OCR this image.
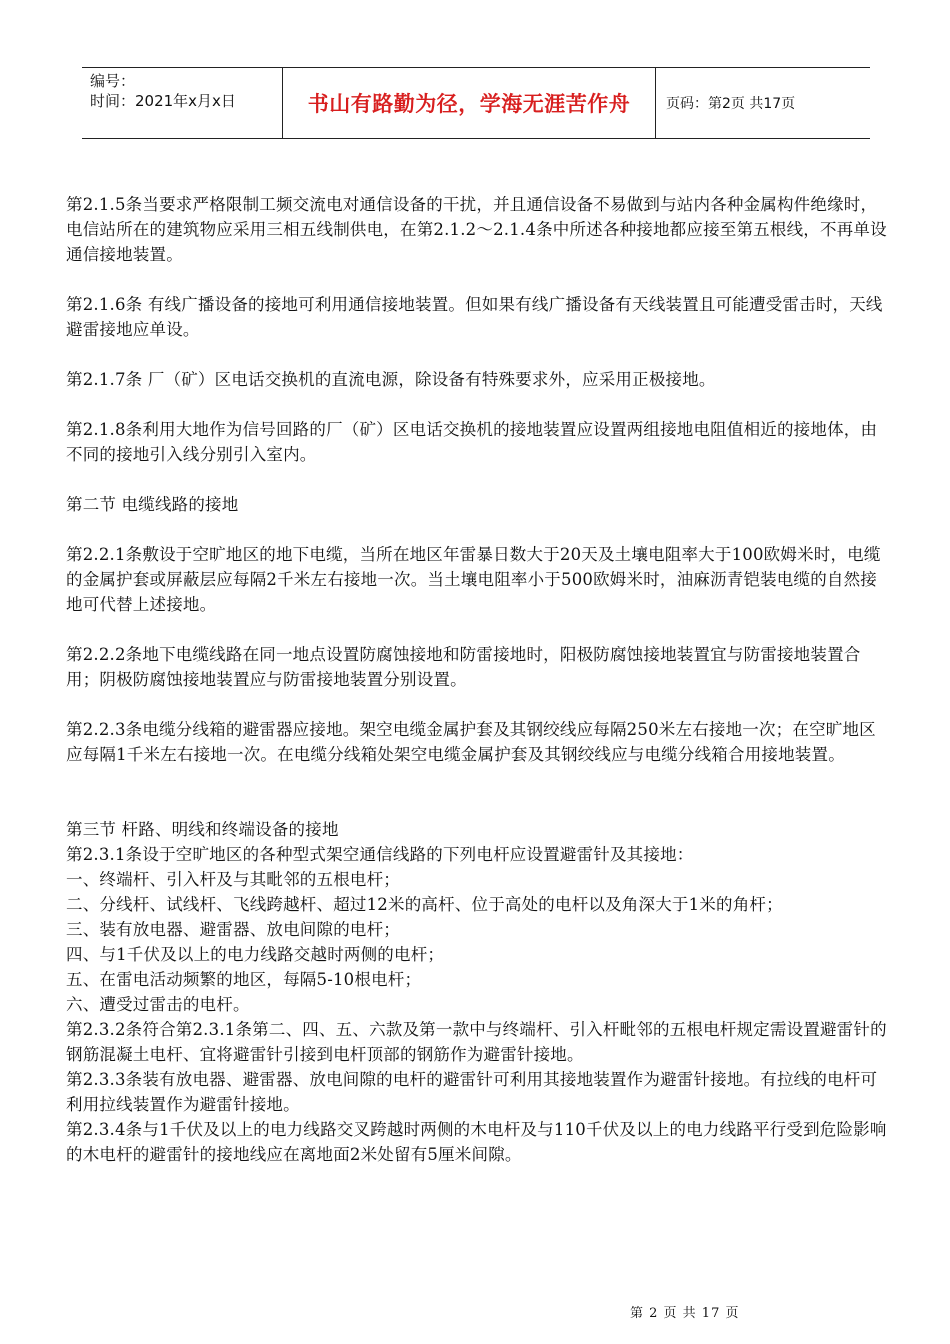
编号：
时间：2021年x月x日	书山有路勤为径，学海无涯苦作舟	页码：第2页 共17页

第2.1.5条当要求严格限制工频交流电对通信设备的干扰，并且通信设备不易做到与站内各种金属构件绝缘时，电信站所在的建筑物应采用三相五线制供电，在第2.1.2～2.1.4条中所述各种接地都应接至第五根线，不再单设通信接地装置。

第2.1.6条 有线广播设备的接地可利用通信接地装置。但如果有线广播设备有天线装置且可能遭受雷击时，天线避雷接地应单设。

第2.1.7条 厂（矿）区电话交换机的直流电源，除设备有特殊要求外，应采用正极接地。

第2.1.8条利用大地作为信号回路的厂（矿）区电话交换机的接地装置应设置两组接地电阻值相近的接地体，由不同的接地引入线分别引入室内。

第二节 电缆线路的接地

第2.2.1条敷设于空旷地区的地下电缆，当所在地区年雷暴日数大于20天及土壤电阻率大于100欧姆米时，电缆的金属护套或屏蔽层应每隔2千米左右接地一次。当土壤电阻率小于500欧姆米时，油麻沥青铠装电缆的自然接地可代替上述接地。

第2.2.2条地下电缆线路在同一地点设置防腐蚀接地和防雷接地时，阳极防腐蚀接地装置宜与防雷接地装置合用；阴极防腐蚀接地装置应与防雷接地装置分别设置。

第2.2.3条电缆分线箱的避雷器应接地。架空电缆金属护套及其钢绞线应每隔250米左右接地一次；在空旷地区应每隔1千米左右接地一次。在电缆分线箱处架空电缆金属护套及其钢绞线应与电缆分线箱合用接地装置。

第三节 杆路、明线和终端设备的接地

第2.3.1条设于空旷地区的各种型式架空通信线路的下列电杆应设置避雷针及其接地：

一、终端杆、引入杆及与其毗邻的五根电杆；

二、分线杆、试线杆、飞线跨越杆、超过12米的高杆、位于高处的电杆以及角深大于1米的角杆；

三、装有放电器、避雷器、放电间隙的电杆；

四、与1千伏及以上的电力线路交越时两侧的电杆；

五、在雷电活动频繁的地区，每隔5-10根电杆；

六、遭受过雷击的电杆。

第2.3.2条符合第2.3.1条第二、四、五、六款及第一款中与终端杆、引入杆毗邻的五根电杆规定需设置避雷针的钢筋混凝土电杆、宜将避雷针引接到电杆顶部的钢筋作为避雷针接地。

第2.3.3条装有放电器、避雷器、放电间隙的电杆的避雷针可利用其接地装置作为避雷针接地。有拉线的电杆可利用拉线装置作为避雷针接地。

第2.3.4条与1千伏及以上的电力线路交叉跨越时两侧的木电杆及与110千伏及以上的电力线路平行受到危险影响的木电杆的避雷针的接地线应在离地面2米处留有5厘米间隙。

第 2 页 共 17 页
